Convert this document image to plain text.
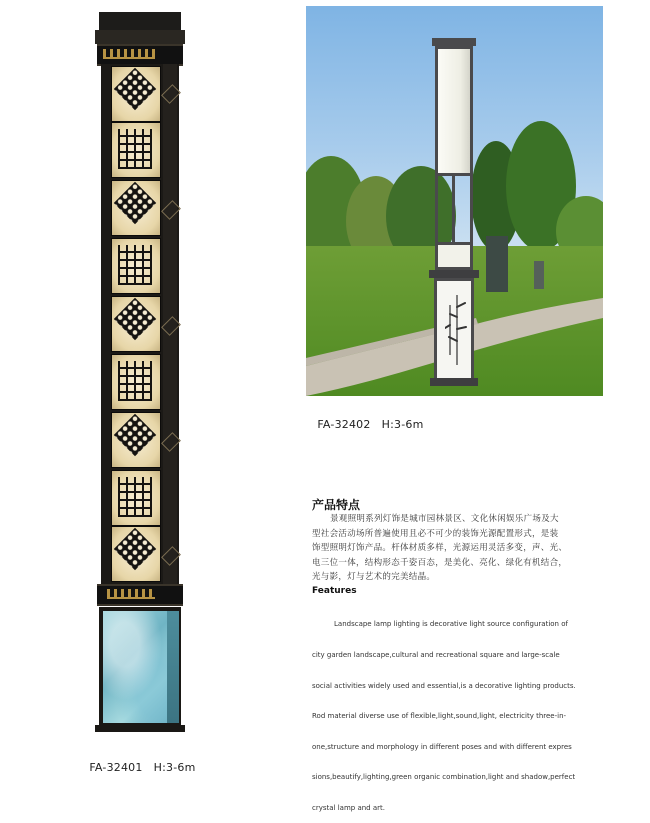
FA-32401 H:3-6m

FA-32402 H:3-6m

产品特点
景观照明系列灯饰是城市园林景区、文化休闲娱乐广场及大
型社会活动场所普遍使用且必不可少的装饰光源配置形式，是装
饰型照明灯饰产品。杆体材质多样，光源运用灵活多变，声、光、
电三位一体，结构形态千姿百态，是美化、亮化、绿化有机结合，
光与影，灯与艺术的完美结晶。
Features

Landscape lamp lighting is decorative light source configuration of

city garden landscape,cultural and recreational square and large-scale

social activities widely used and essential,is a decorative lighting products.

Rod material diverse use of flexible,light,sound,light, electricity three-in-

one,structure and morphology in different poses and with different expres

sions,beautify,lighting,green organic combination,light and shadow,perfect

crystal lamp and art.
